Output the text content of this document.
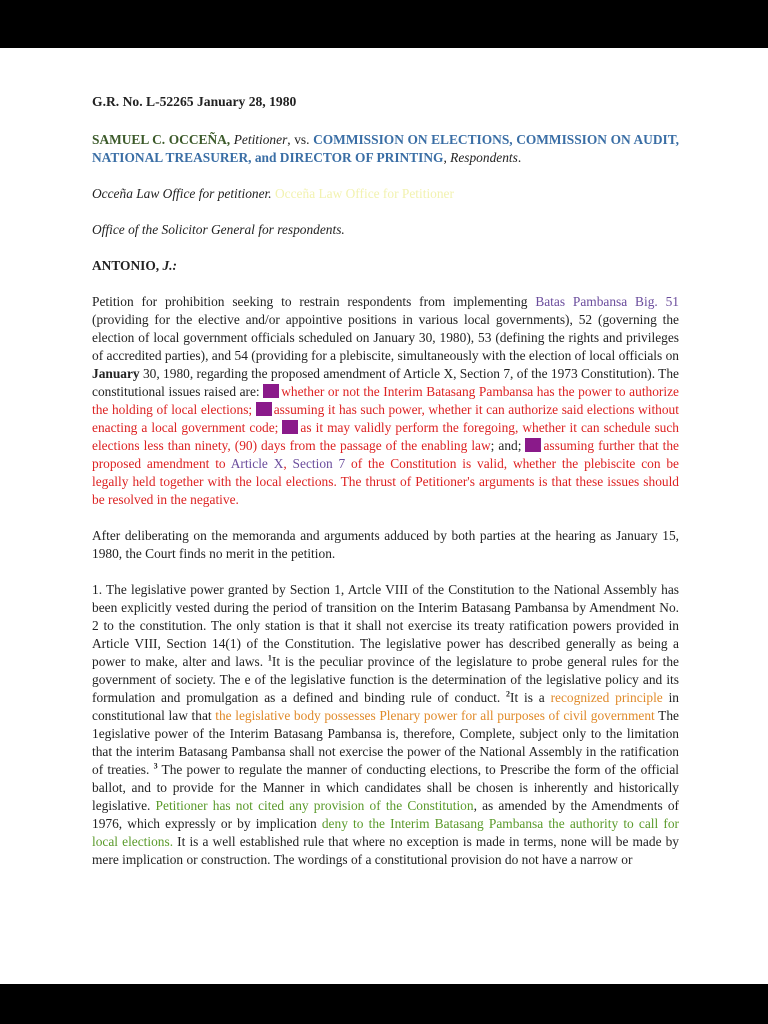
G.R. No. L-52265 January 28, 1980

SAMUEL C. OCCEÑA, Petitioner, vs. COMMISSION ON ELECTIONS, COMMISSION ON AUDIT, NATIONAL TREASURER, and DIRECTOR OF PRINTING, Respondents.

Occeña Law Office for petitioner. Occeña Law Office for Petitioner

Office of the Solicitor General for respondents.

ANTONIO, J.:

Petition for prohibition seeking to restrain respondents from implementing Batas Pambansa Big. 51 (providing for the elective and/or appointive positions in various local governments), 52 (governing the election of local government officials scheduled on January 30, 1980), 53 (defining the rights and privileges of accredited parties), and 54 (providing for a plebiscite, simultaneously with the election of local officials on January 30, 1980, regarding the proposed amendment of Article X, Section 7, of the 1973 Constitution). The constitutional issues raised are: whether or not the Interim Batasang Pambansa has the power to authorize the holding of local elections; assuming it has such power, whether it can authorize said elections without enacting a local government code; as it may validly perform the foregoing, whether it can schedule such elections less than ninety, (90) days from the passage of the enabling law; and; assuming further that the proposed amendment to Article X, Section 7 of the Constitution is valid, whether the plebiscite con be legally held together with the local elections. The thrust of Petitioner's arguments is that these issues should be resolved in the negative.

After deliberating on the memoranda and arguments adduced by both parties at the hearing as January 15, 1980, the Court finds no merit in the petition.

1. The legislative power granted by Section 1, Artcle VIII of the Constitution to the National Assembly has been explicitly vested during the period of transition on the Interim Batasang Pambansa by Amendment No. 2 to the constitution. The only station is that it shall not exercise its treaty ratification powers provided in Article VIII, Section 14(1) of the Constitution. The legislative power has described generally as being a power to make, alter and laws. $^1$It is the peculiar province of the legislature to probe general rules for the government of society. The e of the legislative function is the determination of the legislative policy and its formulation and promulgation as a defined and binding rule of conduct. $^2$It is a recognized principle in constitutional law that the legislative body possesses Plenary power for all purposes of civil government The 1egislative power of the Interim Batasang Pambansa is, therefore, Complete, subject only to the limitation that the interim Batasang Pambansa shall not exercise the power of the National Assembly in the ratification of treaties. $^3$ The power to regulate the manner of conducting elections, to Prescribe the form of the official ballot, and to provide for the Manner in which candidates shall be chosen is inherently and historically legislative. Petitioner has not cited any provision of the Constitution, as amended by the Amendments of 1976, which expressly or by implication deny to the Interim Batasang Pambansa the authority to call for local elections. It is a well established rule that where no exception is made in terms, none will be made by mere implication or construction. The wordings of a constitutional provision do not have a narrow or
